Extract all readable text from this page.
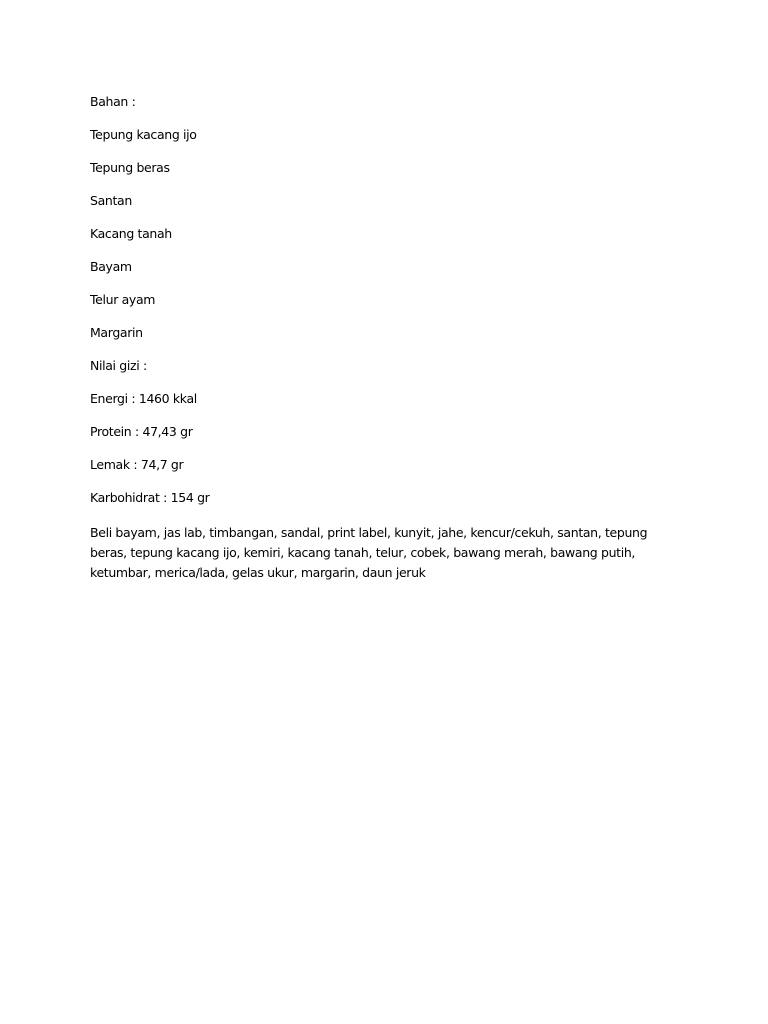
Bahan :
Tepung kacang ijo
Tepung beras
Santan
Kacang tanah
Bayam
Telur ayam
Margarin
Nilai gizi :
Energi : 1460 kkal
Protein : 47,43 gr
Lemak : 74,7 gr
Karbohidrat : 154 gr

Beli bayam, jas lab, timbangan, sandal, print label, kunyit, jahe, kencur/cekuh, santan, tepung beras, tepung kacang ijo, kemiri, kacang tanah, telur, cobek, bawang merah, bawang putih, ketumbar, merica/lada, gelas ukur, margarin, daun jeruk
